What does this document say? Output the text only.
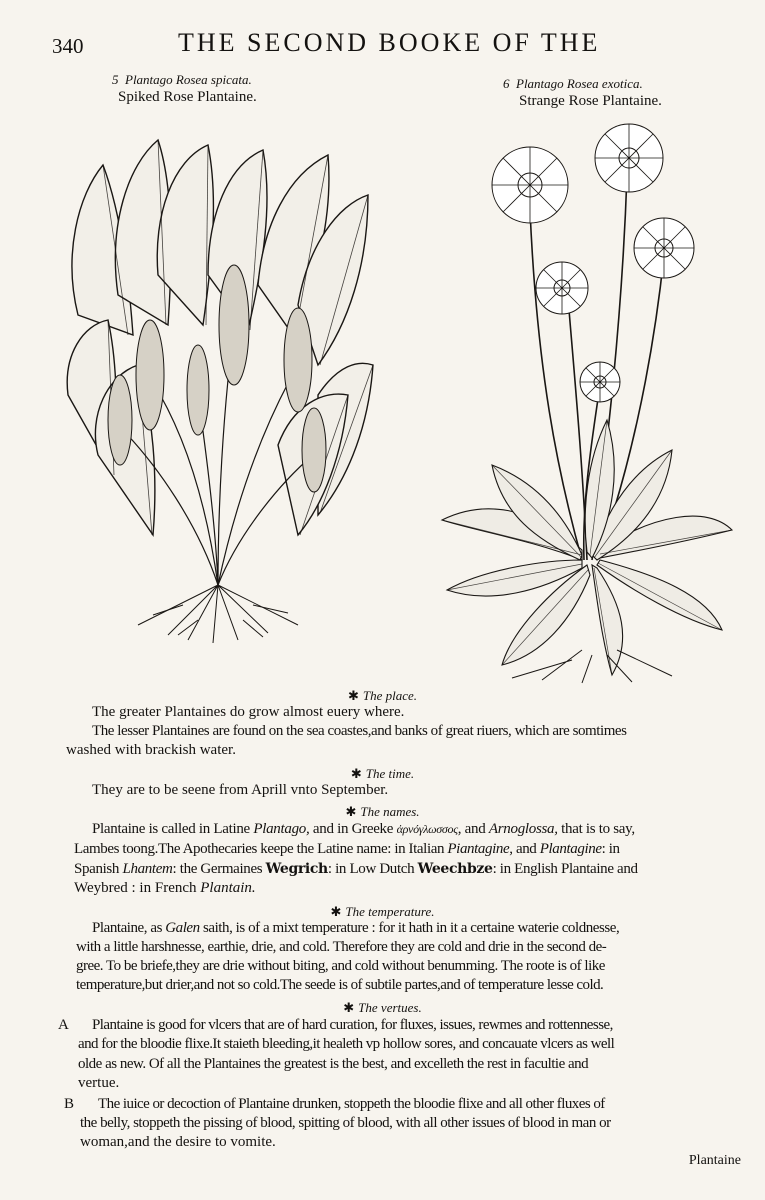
340	THE SECOND BOOKE OF THE
5 Plantago Rosea spicata.
Spiked Rose Plantaine.
6 Plantago Rosea exotica.
Strange Rose Plantaine.
✱ The place.
The greater Plantaines do grow almost euery where.
The lesser Plantaines are found on the sea coastes,and banks of great riuers, which are somtimes
washed with brackish water.
✱ The time.
They are to be seene from Aprill vnto September.
✱ The names.
Plantaine is called in Latine Plantago, and in Greeke ἀρνόγλωσσος, and Arnoglossa, that is to say,
Lambes toong.The Apothecaries keepe the Latine name: in Italian Piantagine, and Plantagine: in
Spanish Lhantem: the Germaines Wegrich: in Low Dutch Weechbze: in English Plantaine and
Weybred : in French Plantain.
✱ The temperature.
Plantaine, as Galen saith, is of a mixt temperature : for it hath in it a certaine waterie coldnesse,
with a little harshnesse, earthie, drie, and cold. Therefore they are cold and drie in the second de-
gree. To be briefe,they are drie without biting, and cold without benumming. The roote is of like
temperature,but drier,and not so cold.The seede is of subtile partes,and of temperature lesse cold.
✱ The vertues.
A Plantaine is good for vlcers that are of hard curation, for fluxes, issues, rewmes and rottennesse,
and for the bloodie flixe.It staieth bleeding,it healeth vp hollow sores, and concauate vlcers as well
olde as new. Of all the Plantaines the greatest is the best, and excelleth the rest in facultie and
vertue.
B The iuice or decoction of Plantaine drunken, stoppeth the bloodie flixe and all other fluxes of
the belly, stoppeth the pissing of blood, spitting of blood, with all other issues of blood in man or
woman,and the desire to vomite.
Plantaine
